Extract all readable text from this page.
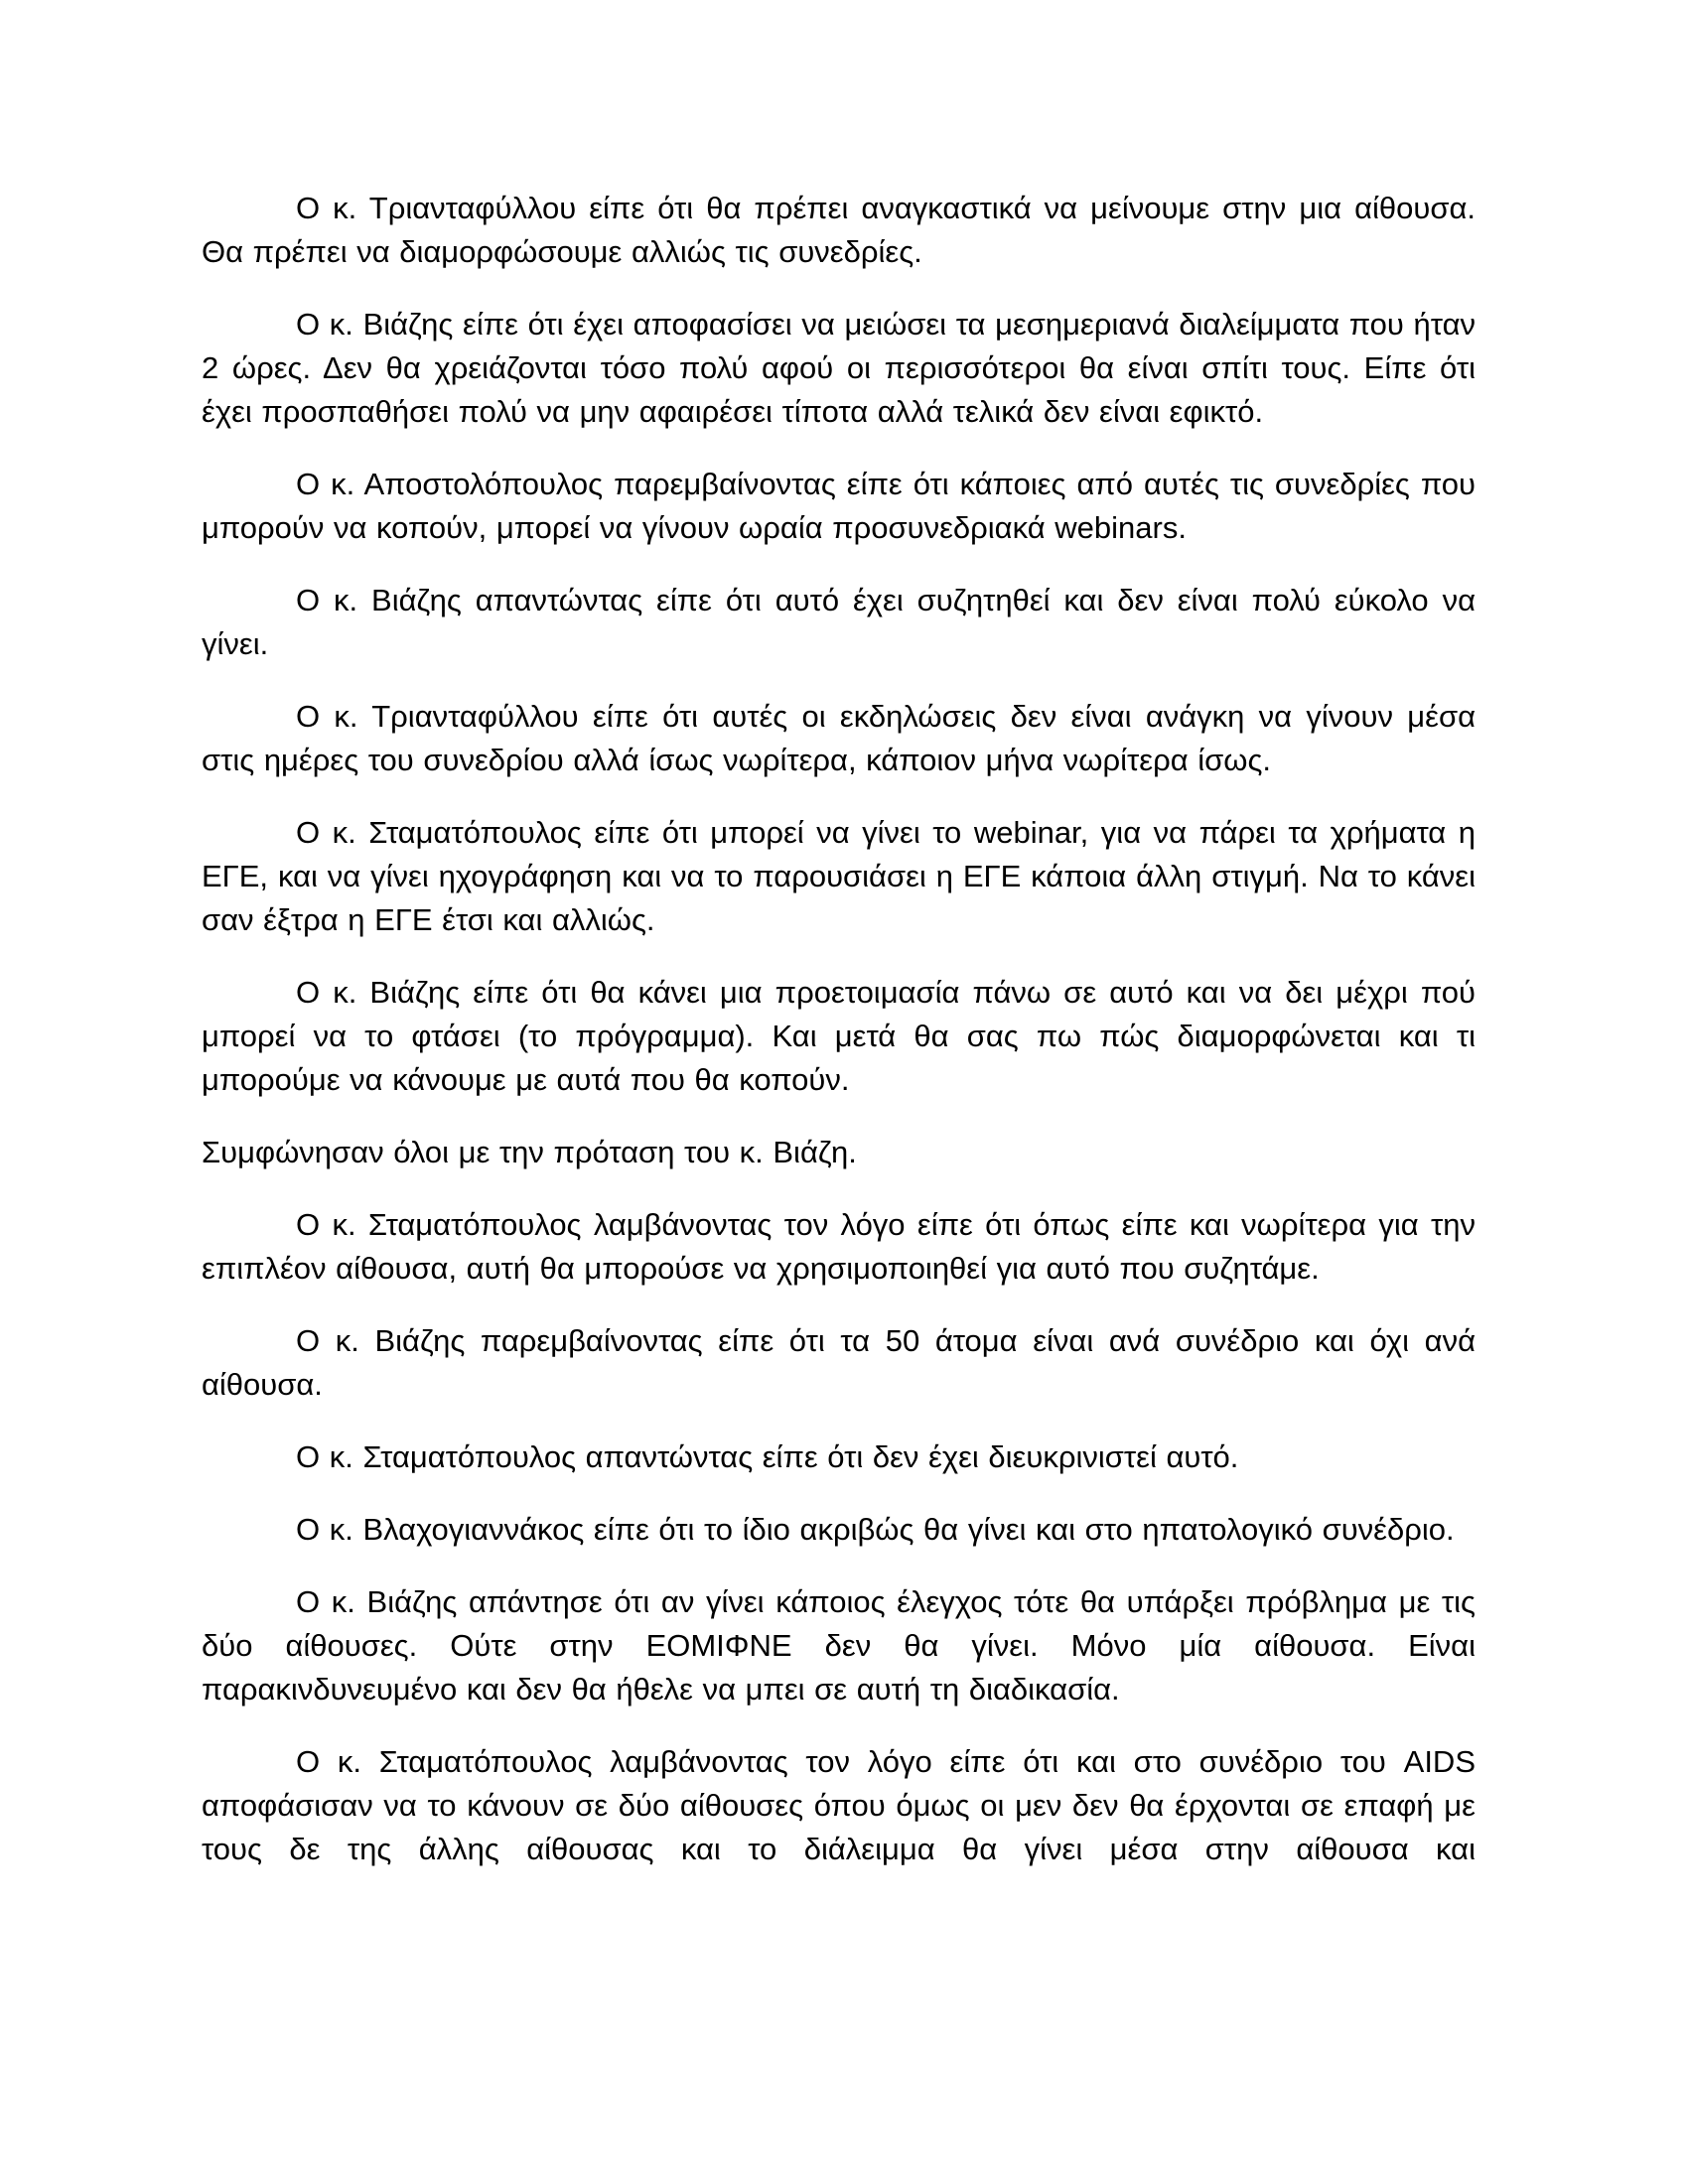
Ο κ. Τριανταφύλλου είπε ότι θα πρέπει αναγκαστικά να μείνουμε στην μια αίθουσα. Θα πρέπει να διαμορφώσουμε αλλιώς τις συνεδρίες.

Ο κ. Βιάζης είπε ότι έχει αποφασίσει να μειώσει τα μεσημεριανά διαλείμματα που ήταν 2 ώρες. Δεν θα χρειάζονται τόσο πολύ αφού οι περισσότεροι θα είναι σπίτι τους. Είπε ότι έχει προσπαθήσει πολύ να μην αφαιρέσει τίποτα αλλά τελικά δεν είναι εφικτό.

Ο κ. Αποστολόπουλος παρεμβαίνοντας είπε ότι κάποιες από αυτές τις συνεδρίες που μπορούν να κοπούν, μπορεί να γίνουν ωραία προσυνεδριακά webinars.

Ο κ. Βιάζης απαντώντας είπε ότι αυτό έχει συζητηθεί και δεν είναι πολύ εύκολο να γίνει.

Ο κ. Τριανταφύλλου είπε ότι αυτές οι εκδηλώσεις δεν είναι ανάγκη να γίνουν μέσα στις ημέρες του συνεδρίου αλλά ίσως νωρίτερα, κάποιον μήνα νωρίτερα ίσως.

Ο κ. Σταματόπουλος είπε ότι μπορεί να γίνει το webinar, για να πάρει τα χρήματα η ΕΓΕ, και να γίνει ηχογράφηση και να το παρουσιάσει η ΕΓΕ κάποια άλλη στιγμή. Να το κάνει σαν έξτρα η ΕΓΕ έτσι και αλλιώς.

Ο κ. Βιάζης είπε ότι θα κάνει μια προετοιμασία πάνω σε αυτό και να δει μέχρι πού μπορεί να το φτάσει (το πρόγραμμα). Και μετά θα σας πω πώς διαμορφώνεται και τι μπορούμε να κάνουμε με αυτά που θα κοπούν.

Συμφώνησαν όλοι με την πρόταση του κ. Βιάζη.

Ο κ. Σταματόπουλος λαμβάνοντας τον λόγο είπε ότι όπως είπε και νωρίτερα για την επιπλέον αίθουσα, αυτή θα μπορούσε να χρησιμοποιηθεί για αυτό που συζητάμε.

Ο κ. Βιάζης παρεμβαίνοντας είπε ότι τα 50 άτομα είναι ανά συνέδριο και όχι ανά αίθουσα.

Ο κ. Σταματόπουλος απαντώντας είπε ότι δεν έχει διευκρινιστεί αυτό.

Ο κ. Βλαχογιαννάκος είπε ότι το ίδιο ακριβώς θα γίνει και στο ηπατολογικό συνέδριο.

Ο κ. Βιάζης απάντησε ότι αν γίνει κάποιος έλεγχος τότε θα υπάρξει πρόβλημα με τις δύο αίθουσες. Ούτε στην ΕΟΜΙΦΝΕ δεν θα γίνει. Μόνο μία αίθουσα. Είναι παρακινδυνευμένο και δεν θα ήθελε να μπει σε αυτή τη διαδικασία.

Ο κ. Σταματόπουλος λαμβάνοντας τον λόγο είπε ότι και στο συνέδριο του AIDS αποφάσισαν να το κάνουν σε δύο αίθουσες όπου όμως οι μεν δεν θα έρχονται σε επαφή με τους δε της άλλης αίθουσας και το διάλειμμα θα γίνει μέσα στην αίθουσα και
